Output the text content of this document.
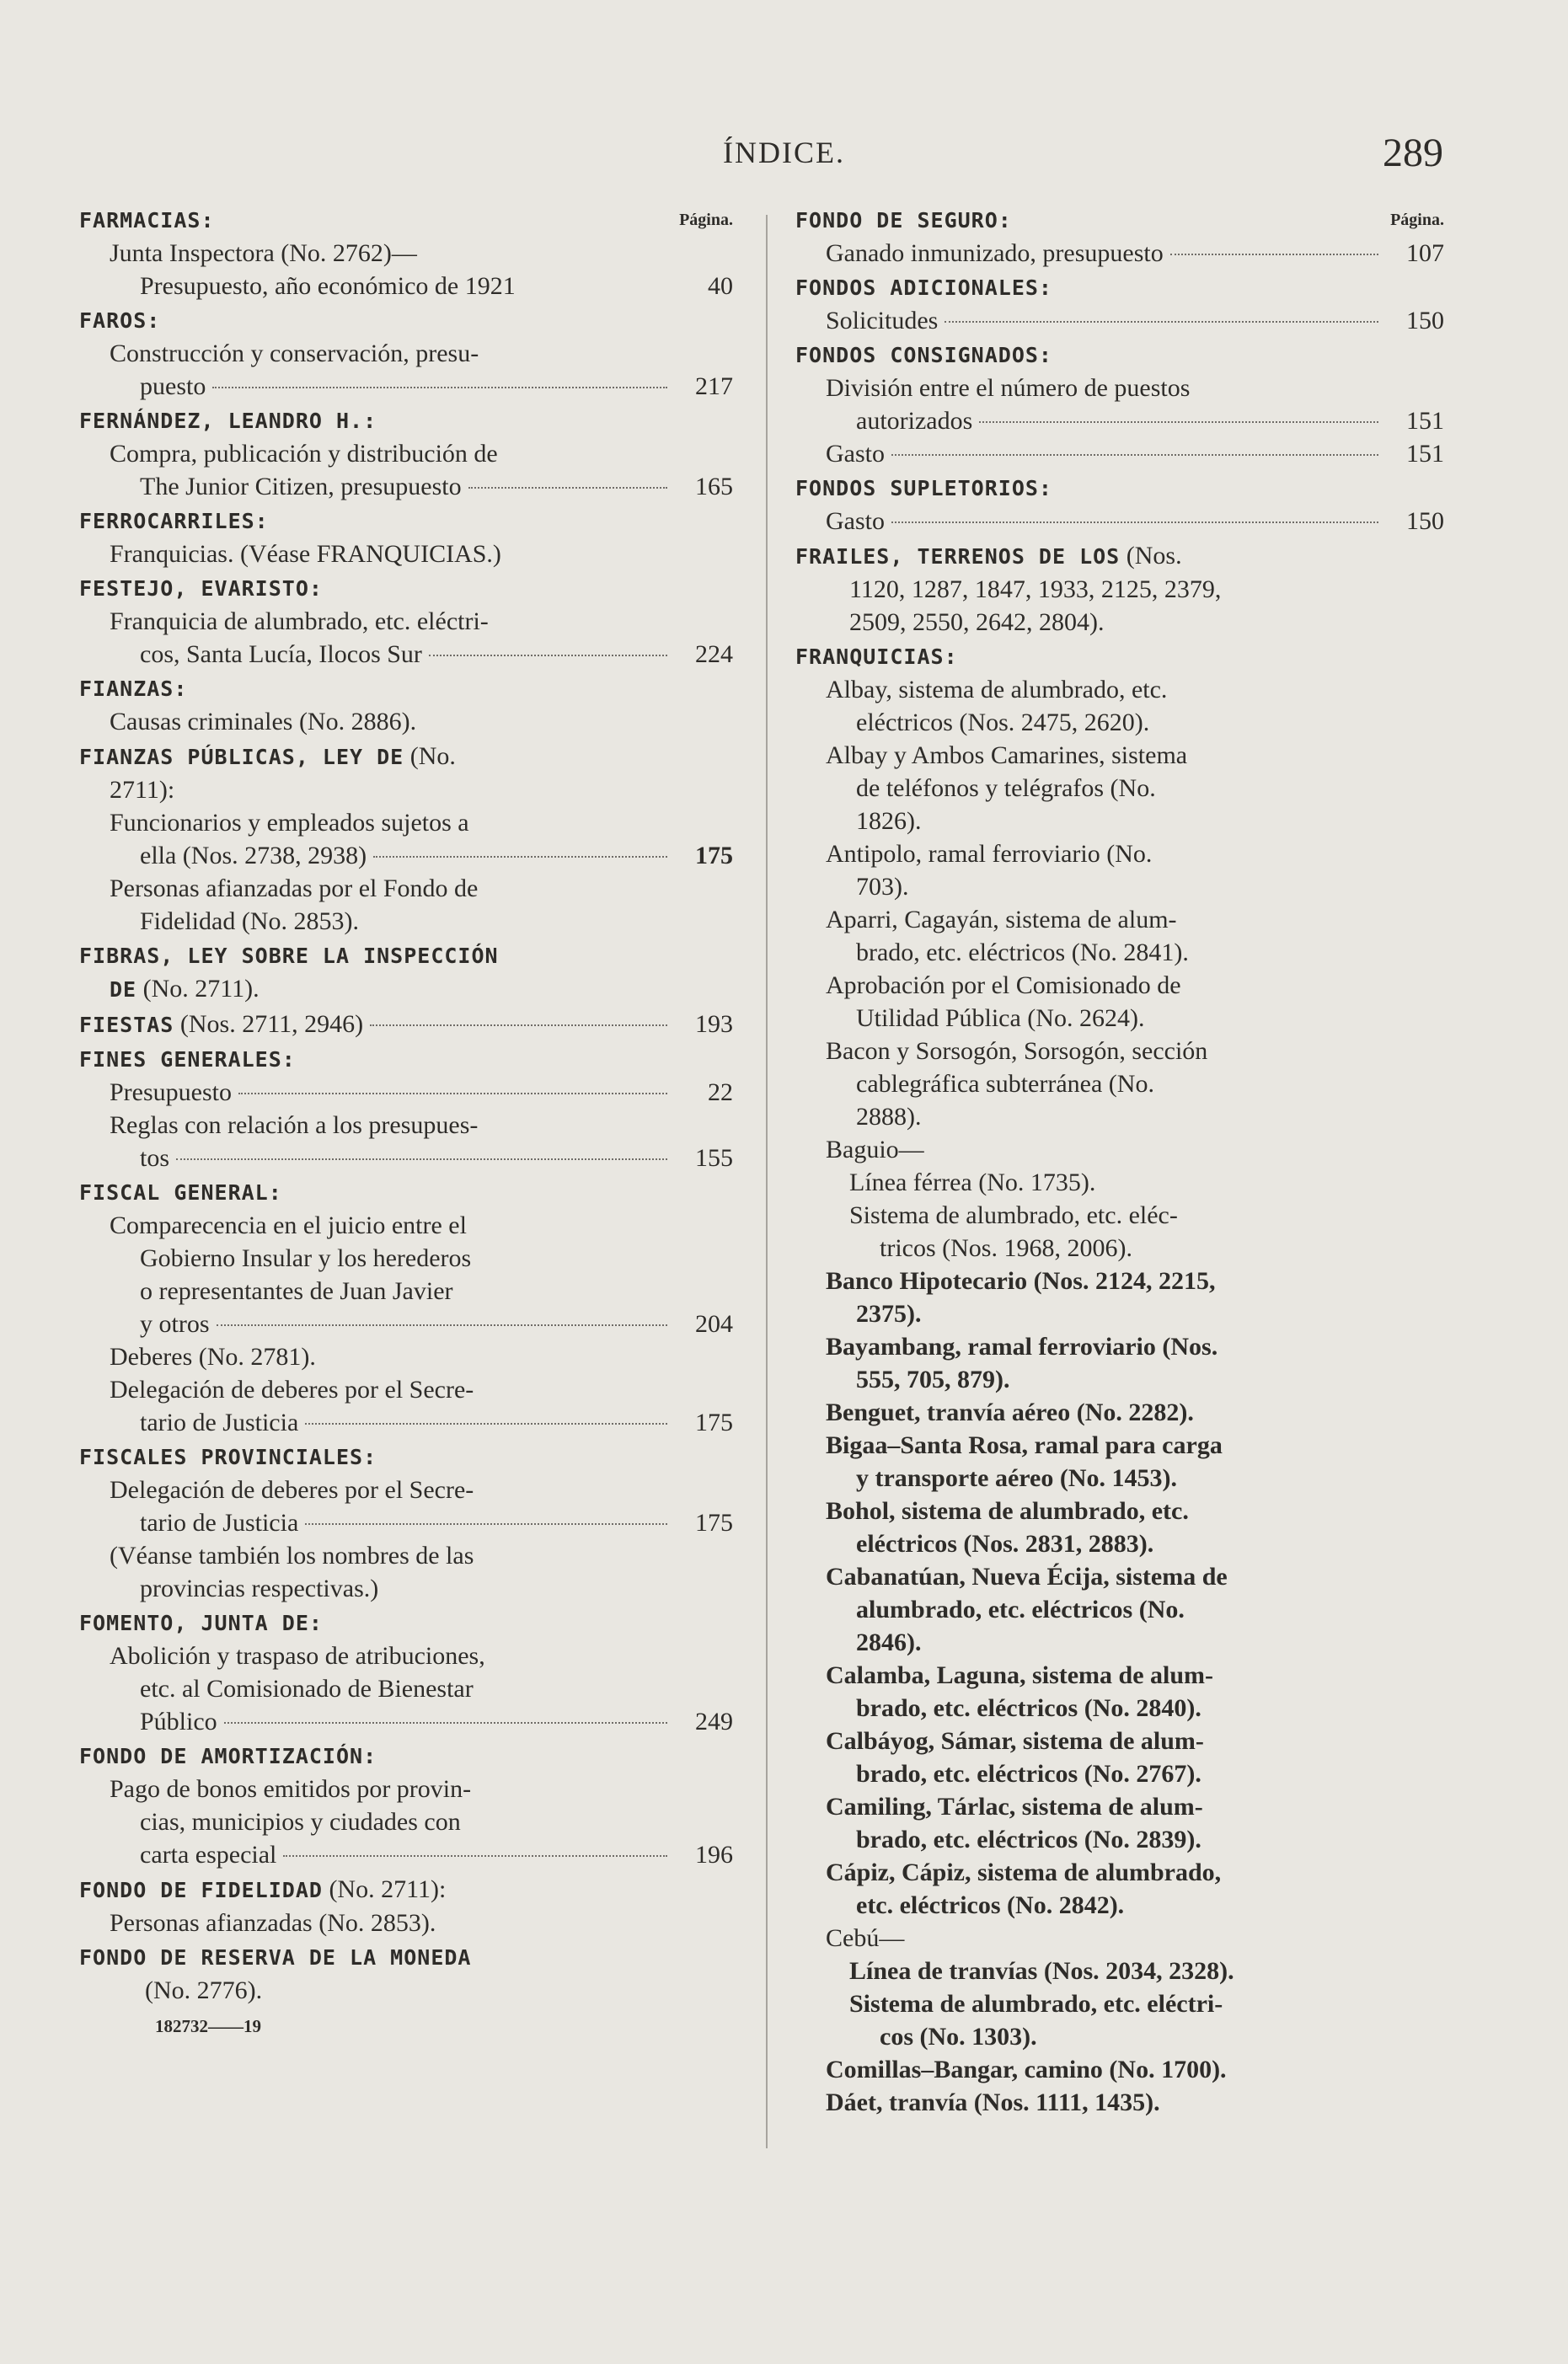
ÍNDICE.	289
Página.
FARMACIAS:
Junta Inspectora (No. 2762)—
Presupuesto, año económico de 1921	40
FAROS:
Construcción y conservación, presu-
puesto	217
FERNÁNDEZ, LEANDRO H.:
Compra, publicación y distribución de
The Junior Citizen, presupuesto	165
FERROCARRILES:
Franquicias. (Véase FRANQUICIAS.)
FESTEJO, EVARISTO:
Franquicia de alumbrado, etc. eléctri-
cos, Santa Lucía, Ilocos Sur	224
FIANZAS:
Causas criminales (No. 2886).
FIANZAS PÚBLICAS, LEY DE (No.
2711):
Funcionarios y empleados sujetos a
ella (Nos. 2738, 2938)	175
Personas afianzadas por el Fondo de
Fidelidad (No. 2853).
FIBRAS, LEY SOBRE LA INSPECCIÓN
DE (No. 2711).
FIESTAS (Nos. 2711, 2946)	193
FINES GENERALES:
Presupuesto	22
Reglas con relación a los presupues-
tos	155
FISCAL GENERAL:
Comparecencia en el juicio entre el
Gobierno Insular y los herederos
o representantes de Juan Javier
y otros	204
Deberes (No. 2781).
Delegación de deberes por el Secre-
tario de Justicia	175
FISCALES PROVINCIALES:
Delegación de deberes por el Secre-
tario de Justicia	175
(Véanse también los nombres de las
provincias respectivas.)
FOMENTO, JUNTA DE:
Abolición y traspaso de atribuciones,
etc. al Comisionado de Bienestar
Público	249
FONDO DE AMORTIZACIÓN:
Pago de bonos emitidos por provin-
cias, municipios y ciudades con
carta especial	196
FONDO DE FIDELIDAD (No. 2711):
Personas afianzadas (No. 2853).
FONDO DE RESERVA DE LA MONEDA
(No. 2776).
182732——19
Página.
FONDO DE SEGURO:
Ganado inmunizado, presupuesto	107
FONDOS ADICIONALES:
Solicitudes	150
FONDOS CONSIGNADOS:
División entre el número de puestos
autorizados	151
Gasto	151
FONDOS SUPLETORIOS:
Gasto	150
FRAILES, TERRENOS DE LOS (Nos.
1120, 1287, 1847, 1933, 2125, 2379,
2509, 2550, 2642, 2804).
FRANQUICIAS:
Albay, sistema de alumbrado, etc.
eléctricos (Nos. 2475, 2620).
Albay y Ambos Camarines, sistema
de teléfonos y telégrafos (No.
1826).
Antipolo, ramal ferroviario (No.
703).
Aparri, Cagayán, sistema de alum-
brado, etc. eléctricos (No. 2841).
Aprobación por el Comisionado de
Utilidad Pública (No. 2624).
Bacon y Sorsogón, Sorsogón, sección
cablegráfica subterránea (No.
2888).
Baguio—
Línea férrea (No. 1735).
Sistema de alumbrado, etc. eléc-
tricos (Nos. 1968, 2006).
Banco Hipotecario (Nos. 2124, 2215,
2375).
Bayambang, ramal ferroviario (Nos.
555, 705, 879).
Benguet, tranvía aéreo (No. 2282).
Bigaa–Santa Rosa, ramal para carga
y transporte aéreo (No. 1453).
Bohol, sistema de alumbrado, etc.
eléctricos (Nos. 2831, 2883).
Cabanatúan, Nueva Écija, sistema de
alumbrado, etc. eléctricos (No.
2846).
Calamba, Laguna, sistema de alum-
brado, etc. eléctricos (No. 2840).
Calbáyog, Sámar, sistema de alum-
brado, etc. eléctricos (No. 2767).
Camiling, Tárlac, sistema de alum-
brado, etc. eléctricos (No. 2839).
Cápiz, Cápiz, sistema de alumbrado,
etc. eléctricos (No. 2842).
Cebú—
Línea de tranvías (Nos. 2034, 2328).
Sistema de alumbrado, etc. eléctri-
cos (No. 1303).
Comillas–Bangar, camino (No. 1700).
Dáet, tranvía (Nos. 1111, 1435).
